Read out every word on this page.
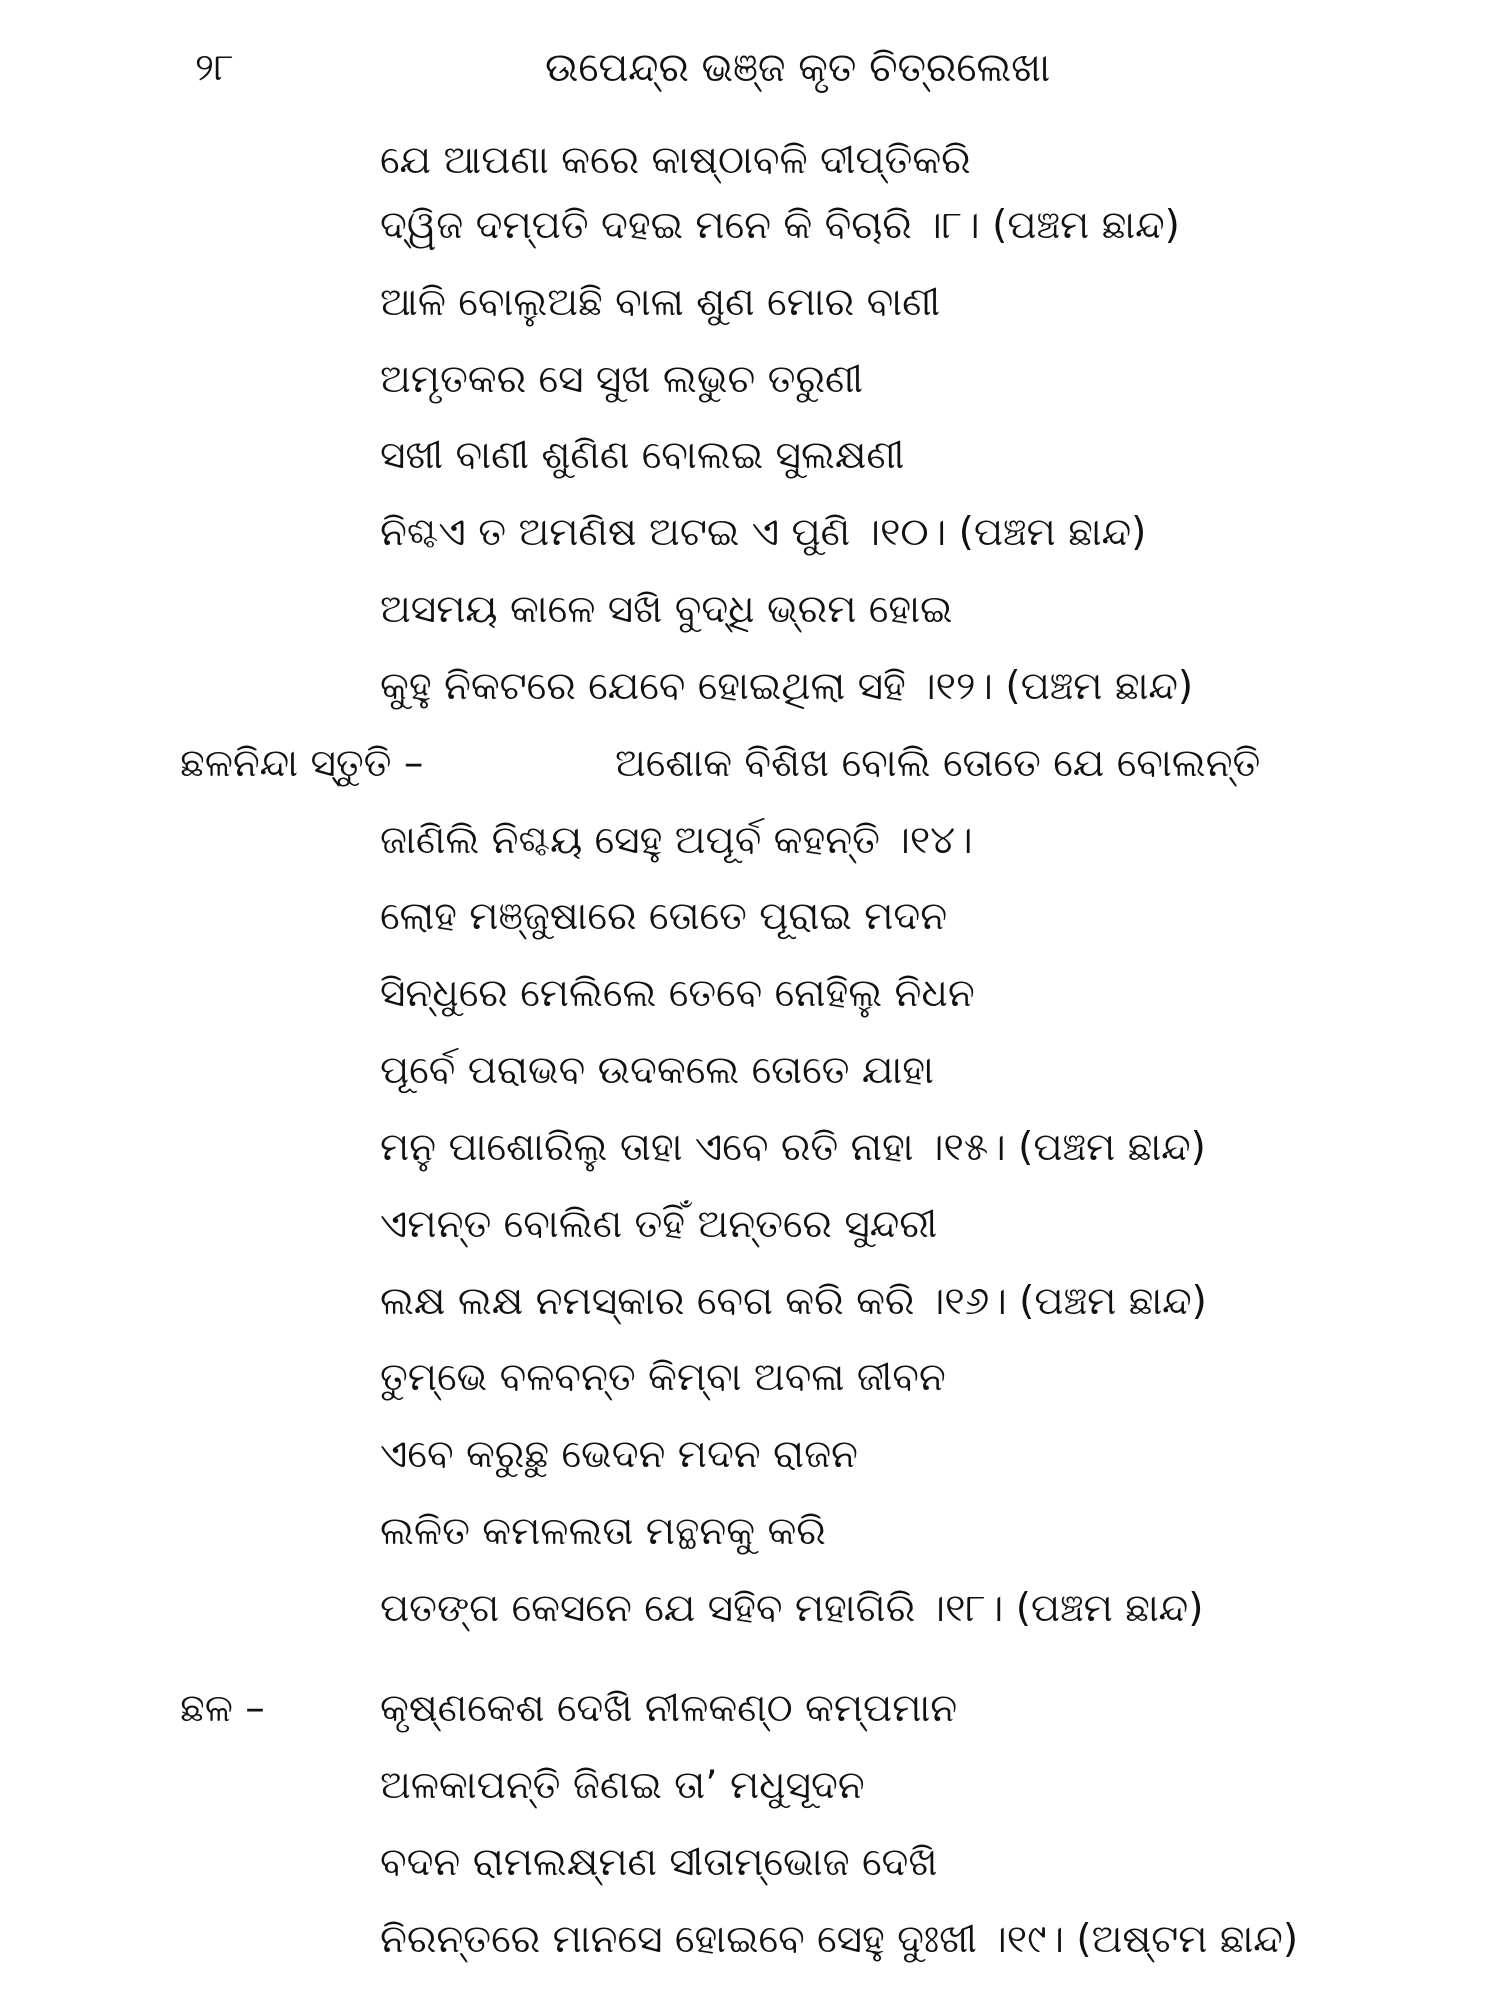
୨୮	ଉପେନ୍ଦ୍ର ଭଞ୍ଜ କୃତ ଚିତ୍ରଲେଖା
ଯେ ଆପଣା କରେ କାଷ୍ଠାବଳି ଦୀପ୍ତିକରି
ଦ୍ୱିଜ ଦମ୍ପତି ଦହଇ ମନେ କି ବିଚାରି ।୮। (ପଞ୍ଚମ ଛାନ୍ଦ)
ଆଳି ବୋଲୁଅଛି ବାଳା ଶୁଣ ମୋର ବାଣୀ
ଅମୃତକର ସେ ସୁଖ ଲଭୁଚ ତରୁଣୀ
ସଖୀ ବାଣୀ ଶୁଣିଣ ବୋଲଇ ସୁଲକ୍ଷଣୀ
ନିଶ୍ଚଏ ତ ଅମଣିଷ ଅଟଇ ଏ ପୁଣି ।୧୦। (ପଞ୍ଚମ ଛାନ୍ଦ)
ଅସମୟ କାଳେ ସଖି ବୁଦ୍ଧି ଭ୍ରମ ହୋଇ
କୁହୁ ନିକଟରେ ଯେବେ ହୋଇଥିଲା ସହି ।୧୨। (ପଞ୍ଚମ ଛାନ୍ଦ)
ଛଳନିନ୍ଦା ସ୍ତୁତି –	ଅଶୋକ ବିଶିଖ ବୋଲି ତୋତେ ଯେ ବୋଲନ୍ତି
ଜାଣିଲି ନିଶ୍ଚୟ ସେହୁ ଅପୂର୍ବ କହନ୍ତି ।୧୪।
ଲୋହ ମଞ୍ଜୁଷାରେ ତୋତେ ପୂରାଇ ମଦନ
ସିନ୍ଧୁରେ ମେଲିଲେ ତେବେ ନୋହିଲୁ ନିଧନ
ପୂର୍ବେ ପରାଭବ ଉଦକଲେ ତୋତେ ଯାହା
ମନୁ ପାଶୋରିଲୁ ତାହା ଏବେ ରତି ନାହା ।୧୫। (ପଞ୍ଚମ ଛାନ୍ଦ)
ଏମନ୍ତ ବୋଲିଣ ତହିଁ ଅନ୍ତରେ ସୁନ୍ଦରୀ
ଲକ୍ଷ ଲକ୍ଷ ନମସ୍କାର ବେଗ କରି କରି ।୧୬। (ପଞ୍ଚମ ଛାନ୍ଦ)
ତୁମ୍ଭେ ବଳବନ୍ତ କିମ୍ବା ଅବଳା ଜୀବନ
ଏବେ କରୁଛୁ ଭେଦନ ମଦନ ରାଜନ
ଲଳିତ କମଳଲତା ମନ୍ଥନକୁ କରି
ପତଙ୍ଗ କେସନେ ଯେ ସହିବ ମହାଗିରି ।୧୮। (ପଞ୍ଚମ ଛାନ୍ଦ)
ଛଳ –	କୃଷ୍ଣକେଶ ଦେଖି ନୀଳକଣ୍ଠ କମ୍ପମାନ
ଅଳକାପନ୍ତି ଜିଣଇ ତା’ ମଧୁସୂଦନ
ବଦନ ରାମଲକ୍ଷ୍ମଣ ସୀତାମ୍ଭୋଜ ଦେଖି
ନିରନ୍ତରେ ମାନସେ ହୋଇବେ ସେହୁ ଦୁଃଖୀ ।୧୯। (ଅଷ୍ଟମ ଛାନ୍ଦ)
